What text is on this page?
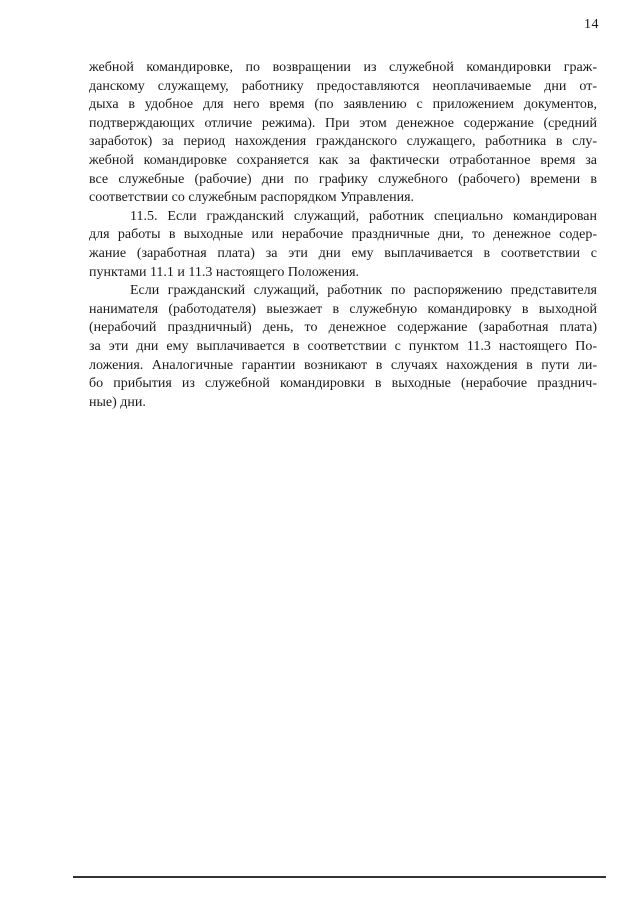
14
жебной командировке, по возвращении из служебной командировки граж-
данскому служащему, работнику предоставляются неоплачиваемые дни от-
дыха в удобное для него время (по заявлению с приложением документов,
подтверждающих отличие режима). При этом денежное содержание (средний
заработок) за период нахождения гражданского служащего, работника в слу-
жебной командировке сохраняется как за фактически отработанное время за
все служебные (рабочие) дни по графику служебного (рабочего) времени в
соответствии со служебным распорядком Управления.
11.5. Если гражданский служащий, работник специально командирован
для работы в выходные или нерабочие праздничные дни, то денежное содер-
жание (заработная плата) за эти дни ему выплачивается в соответствии с
пунктами 11.1 и 11.3 настоящего Положения.
Если гражданский служащий, работник по распоряжению представителя
нанимателя (работодателя) выезжает в служебную командировку в выходной
(нерабочий праздничный) день, то денежное содержание (заработная плата)
за эти дни ему выплачивается в соответствии с пунктом 11.3 настоящего По-
ложения. Аналогичные гарантии возникают в случаях нахождения в пути ли-
бо прибытия из служебной командировки в выходные (нерабочие празднич-
ные) дни.
